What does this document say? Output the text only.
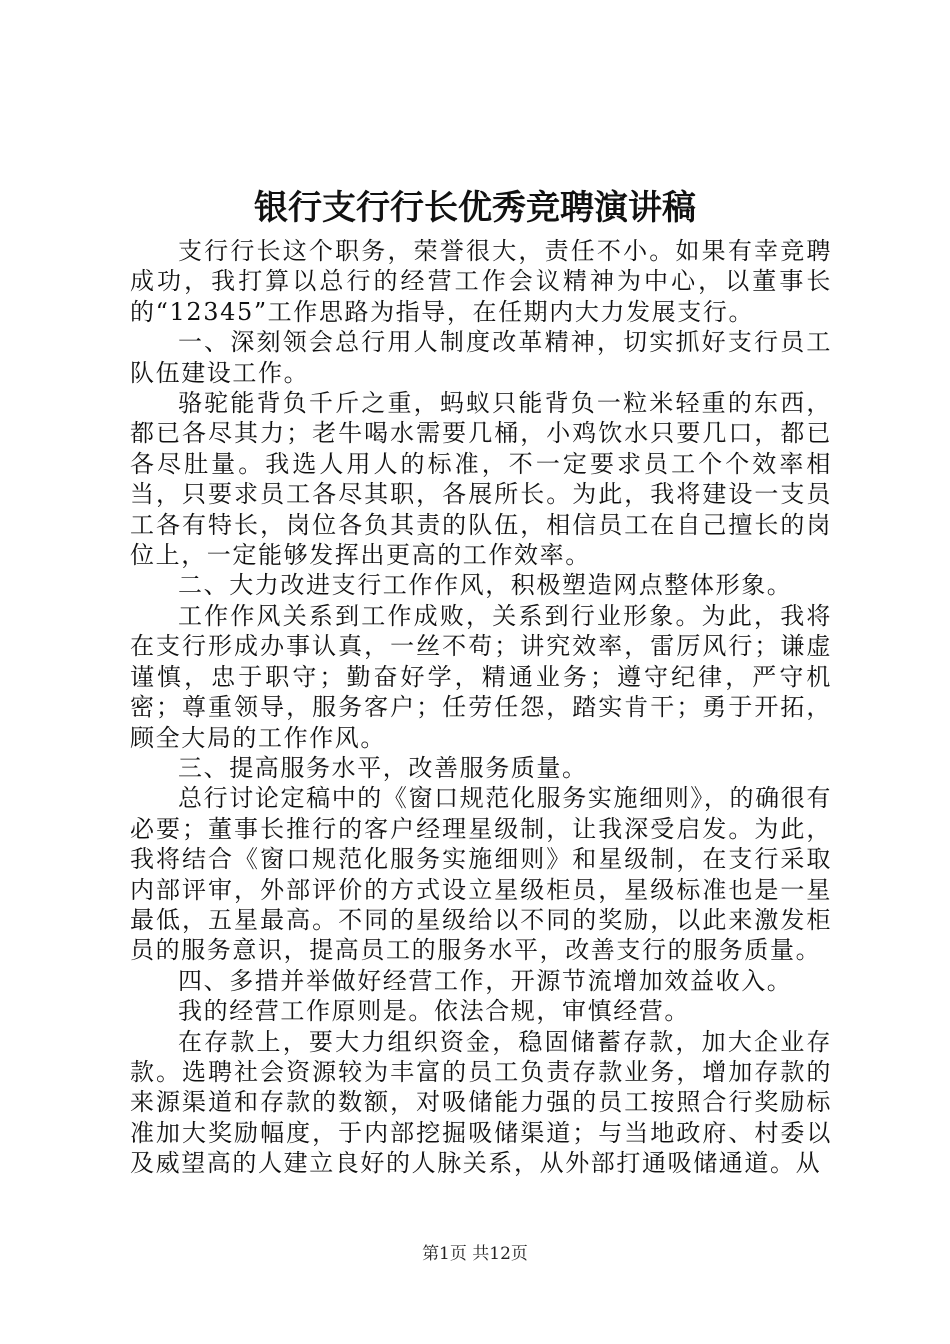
银行支行行长优秀竞聘演讲稿

支行行长这个职务，荣誉很大，责任不小。如果有幸竞聘成功，我打算以总行的经营工作会议精神为中心，以董事长的“12345”工作思路为指导，在任期内大力发展支行。

一、深刻领会总行用人制度改革精神，切实抓好支行员工队伍建设工作。

骆驼能背负千斤之重，蚂蚁只能背负一粒米轻重的东西，都已各尽其力；老牛喝水需要几桶，小鸡饮水只要几口，都已各尽肚量。我选人用人的标准，不一定要求员工个个效率相当，只要求员工各尽其职，各展所长。为此，我将建设一支员工各有特长，岗位各负其责的队伍，相信员工在自己擅长的岗位上，一定能够发挥出更高的工作效率。

二、大力改进支行工作作风，积极塑造网点整体形象。

工作作风关系到工作成败，关系到行业形象。为此，我将在支行形成办事认真，一丝不苟；讲究效率，雷厉风行；谦虚谨慎，忠于职守；勤奋好学，精通业务；遵守纪律，严守机密；尊重领导，服务客户；任劳任怨，踏实肯干；勇于开拓，顾全大局的工作作风。

三、提高服务水平，改善服务质量。

总行讨论定稿中的《窗口规范化服务实施细则》，的确很有必要；董事长推行的客户经理星级制，让我深受启发。为此，我将结合《窗口规范化服务实施细则》和星级制，在支行采取内部评审，外部评价的方式设立星级柜员，星级标准也是一星最低，五星最高。不同的星级给以不同的奖励，以此来激发柜员的服务意识，提高员工的服务水平，改善支行的服务质量。

四、多措并举做好经营工作，开源节流增加效益收入。

我的经营工作原则是。依法合规，审慎经营。

在存款上，要大力组织资金，稳固储蓄存款，加大企业存款。选聘社会资源较为丰富的员工负责存款业务，增加存款的来源渠道和存款的数额，对吸储能力强的员工按照合行奖励标准加大奖励幅度，于内部挖掘吸储渠道；与当地政府、村委以及威望高的人建立良好的人脉关系，从外部打通吸储通道。从

第1页 共12页
